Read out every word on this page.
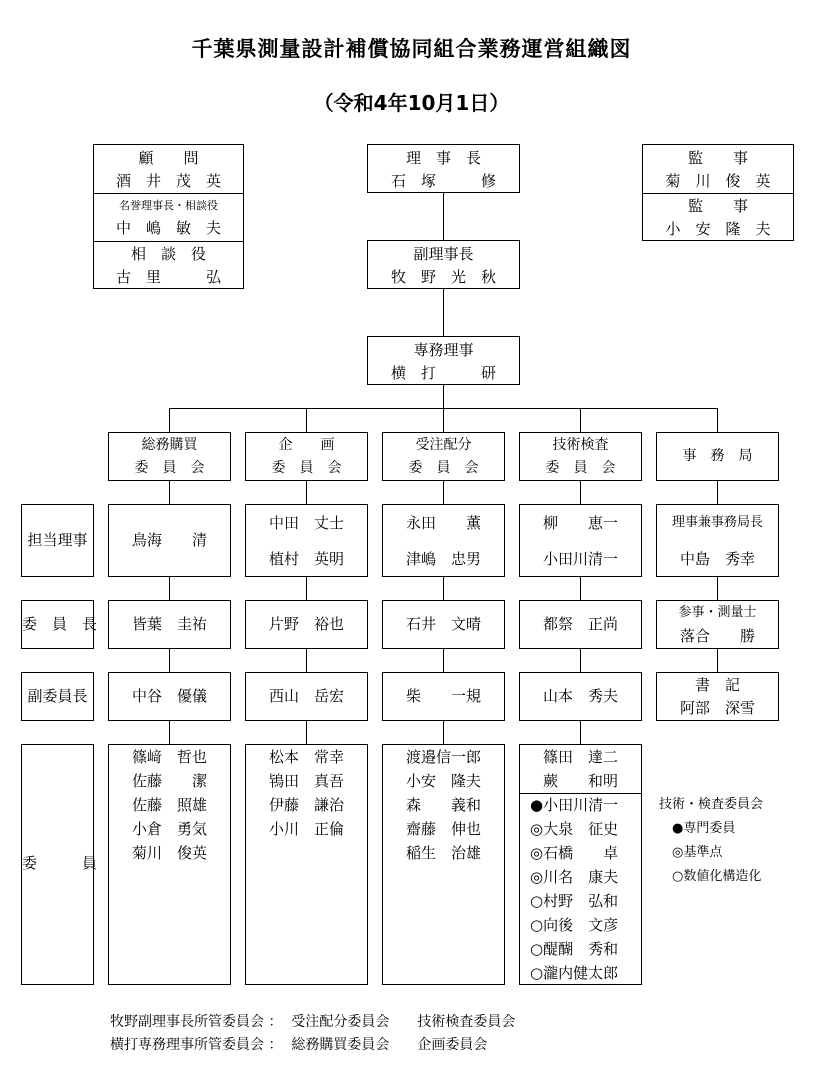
千葉県測量設計補償協同組合業務運営組織図
（令和4年10月1日）
顧　　問
酒　井　茂　英
名誉理事長・相談役
中　嶋　敏　夫
相　談　役
古　里　　　弘
理　事　長
石　塚　　　修
監　　事
菊　川　俊　英
監　　事
小　安　隆　夫
副理事長
牧　野　光　秋
専務理事
横　打　　　研
総務購買
委　員　会
企　　画
委　員　会
受注配分
委　員　会
技術検査
委　員　会
事　務　局
担当理事
委　員　長
副委員長
委　　　員
鳥海　　清
中田　丈士
植村　英明
永田　　薫
津嶋　忠男
柳　　恵一
小田川清一
理事兼事務局長
中島　秀幸
皆葉　圭祐	片野　裕也	石井　文晴	都祭　正尚
参事・測量士
落合　　勝
中谷　優儀	西山　岳宏	柴　　一規	山本　秀夫
書　記
阿部　深雪
篠﨑　哲也
佐藤　　潔
佐藤　照雄
小倉　勇気
菊川　俊英
松本　常幸
鴇田　真吾
伊藤　謙治
小川　正倫
渡邉信一郎
小安　隆夫
森　　義和
齋藤　伸也
稲生　治雄
篠田　達二
蕨　　和明
●小田川清一
◎大泉　征史
◎石橋　　卓
◎川名　康夫
○村野　弘和
○向後　文彦
○醍醐　秀和
○瀧内健太郎
技術・検査委員会
●専門委員
◎基準点
○数値化構造化
牧野副理事長所管委員会 ：  受注配分委員会　　技術検査委員会
横打専務理事所管委員会 ：  総務購買委員会　　企画委員会
